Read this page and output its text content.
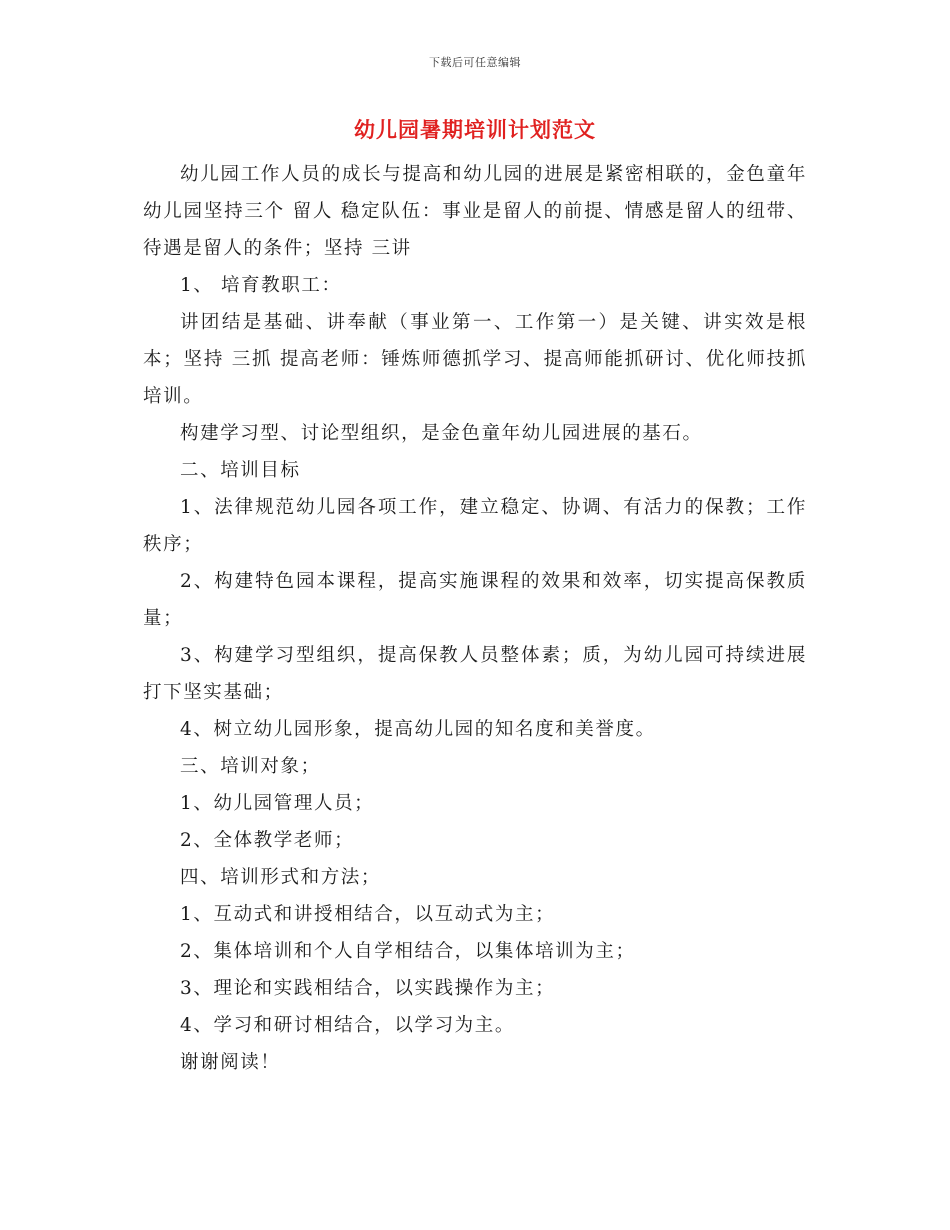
下载后可任意编辑
幼儿园暑期培训计划范文

幼儿园工作人员的成长与提高和幼儿园的进展是紧密相联的，金色童年幼儿园坚持三个 留人 稳定队伍：事业是留人的前提、情感是留人的纽带、待遇是留人的条件；坚持 三讲

1、 培育教职工：

讲团结是基础、讲奉献（事业第一、工作第一）是关键、讲实效是根本；坚持 三抓 提高老师：锤炼师德抓学习、提高师能抓研讨、优化师技抓培训。

构建学习型、讨论型组织，是金色童年幼儿园进展的基石。

二、培训目标

1、法律规范幼儿园各项工作，建立稳定、协调、有活力的保教；工作秩序；

2、构建特色园本课程，提高实施课程的效果和效率，切实提高保教质量；

3、构建学习型组织，提高保教人员整体素；质，为幼儿园可持续进展打下坚实基础；

4、树立幼儿园形象，提高幼儿园的知名度和美誉度。

三、培训对象；

1、幼儿园管理人员；

2、全体教学老师；

四、培训形式和方法；

1、互动式和讲授相结合，以互动式为主；

2、集体培训和个人自学相结合，以集体培训为主；

3、理论和实践相结合，以实践操作为主；

4、学习和研讨相结合，以学习为主。

谢谢阅读！
